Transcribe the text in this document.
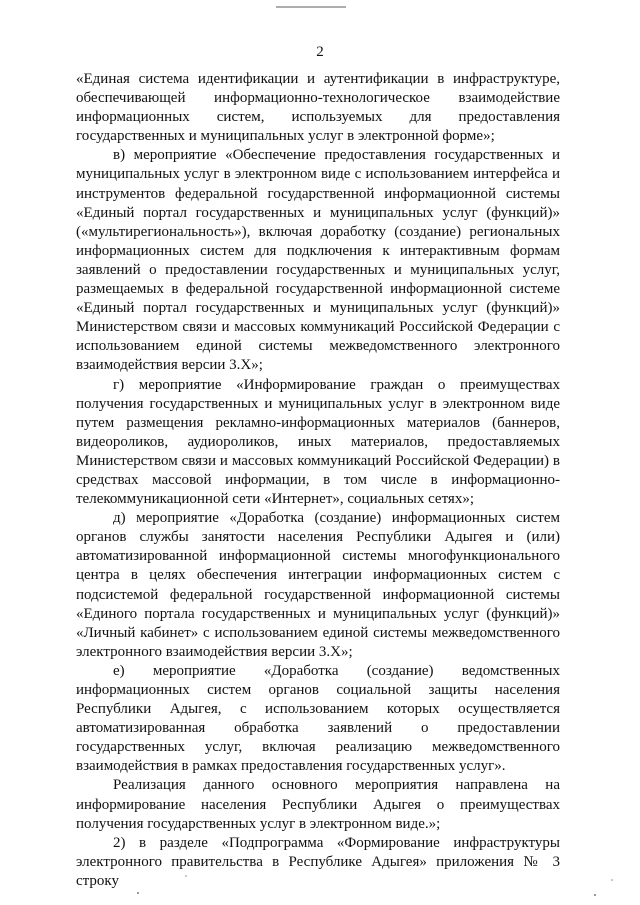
2

«Единая система идентификации и аутентификации в инфраструктуре, обеспечивающей информационно-технологическое взаимодействие информационных систем, используемых для предоставления государственных и муниципальных услуг в электронной форме»;

в) мероприятие «Обеспечение предоставления государственных и муниципальных услуг в электронном виде с использованием интерфейса и инструментов федеральной государственной информационной системы «Единый портал государственных и муниципальных услуг (функций)» («мультирегиональность»), включая доработку (создание) региональных информационных систем для подключения к интерактивным формам заявлений о предоставлении государственных и муниципальных услуг, размещаемых в федеральной государственной информационной системе «Единый портал государственных и муниципальных услуг (функций)» Министерством связи и массовых коммуникаций Российской Федерации с использованием единой системы межведомственного электронного взаимодействия версии 3.Х»;

г) мероприятие «Информирование граждан о преимуществах получения государственных и муниципальных услуг в электронном виде путем размещения рекламно-информационных материалов (баннеров, видеороликов, аудиороликов, иных материалов, предоставляемых Министерством связи и массовых коммуникаций Российской Федерации) в средствах массовой информации, в том числе в информационно-телекоммуникационной сети «Интернет», социальных сетях»;

д) мероприятие «Доработка (создание) информационных систем органов службы занятости населения Республики Адыгея и (или) автоматизированной информационной системы многофункционального центра в целях обеспечения интеграции информационных систем с подсистемой федеральной государственной информационной системы «Единого портала государственных и муниципальных услуг (функций)» «Личный кабинет» с использованием единой системы межведомственного электронного взаимодействия версии 3.Х»;

е) мероприятие «Доработка (создание) ведомственных информационных систем органов социальной защиты населения Республики Адыгея, с использованием которых осуществляется автоматизированная обработка заявлений о предоставлении государственных услуг, включая реализацию межведомственного взаимодействия в рамках предоставления государственных услуг».

Реализация данного основного мероприятия направлена на информирование населения Республики Адыгея о преимуществах получения государственных услуг в электронном виде.»;

2) в разделе «Подпрограмма «Формирование инфраструктуры электронного правительства в Республике Адыгея» приложения № 3 строку
